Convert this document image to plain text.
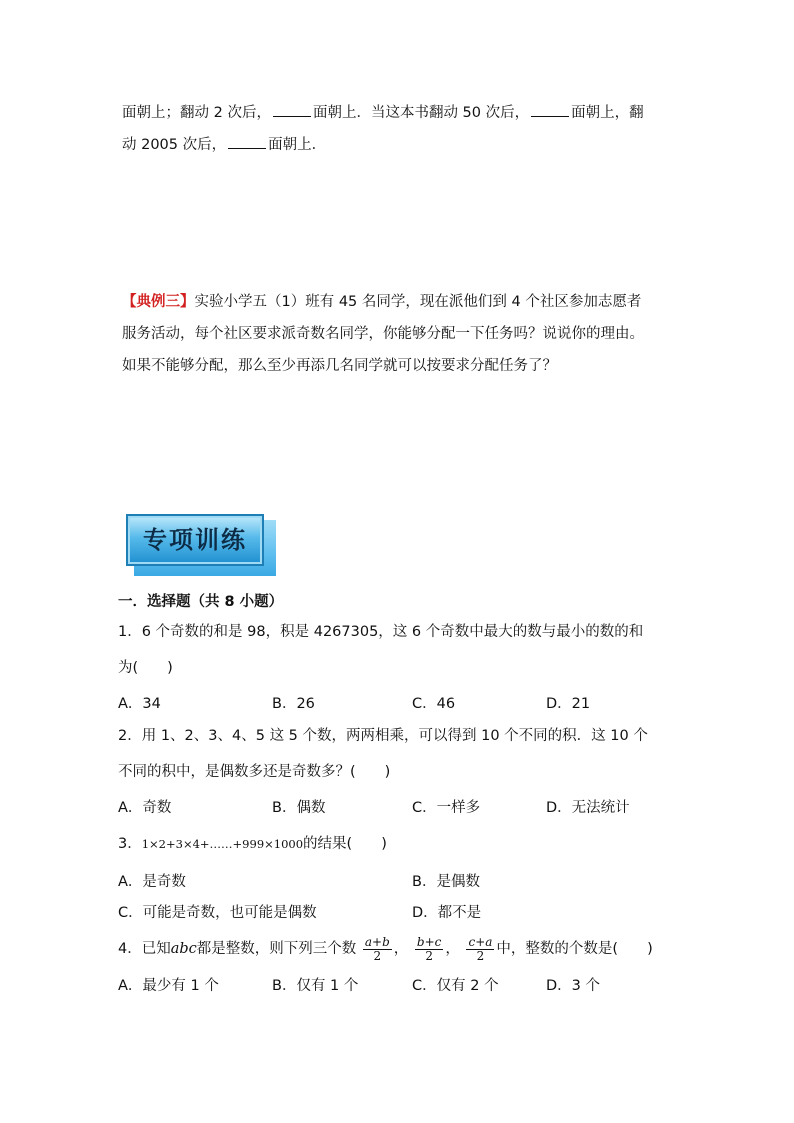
面朝上；翻动 2 次后，	面朝上．当这本书翻动 50 次后，	面朝上，翻
动 2005 次后，	面朝上．
【典例三】实验小学五（1）班有 45 名同学，现在派他们到 4 个社区参加志愿者
服务活动，每个社区要求派奇数名同学，你能够分配一下任务吗？说说你的理由。
如果不能够分配，那么至少再添几名同学就可以按要求分配任务了？
专项训练
一．选择题（共 8 小题）
1．6 个奇数的和是 98，积是 4267305，这 6 个奇数中最大的数与最小的数的和
为(　　)
A．34	B．26	C．46	D．21
2．用 1、2、3、4、5 这 5 个数，两两相乘，可以得到 10 个不同的积．这 10 个
不同的积中，是偶数多还是奇数多？(　　)
A．奇数	B．偶数	C．一样多	D．无法统计
3．1×2+3×4+……+999×1000的结果(　　)
A．是奇数	B．是偶数
C．可能是奇数，也可能是偶数	D．都不是
4．已知abc都是整数，则下列三个数 $\frac{a+b}{2}$ ， $\frac{b+c}{2}$ ， $\frac{c+a}{2}$ 中，整数的个数是(　　)
A．最少有 1 个	B．仅有 1 个	C．仅有 2 个	D．3 个
